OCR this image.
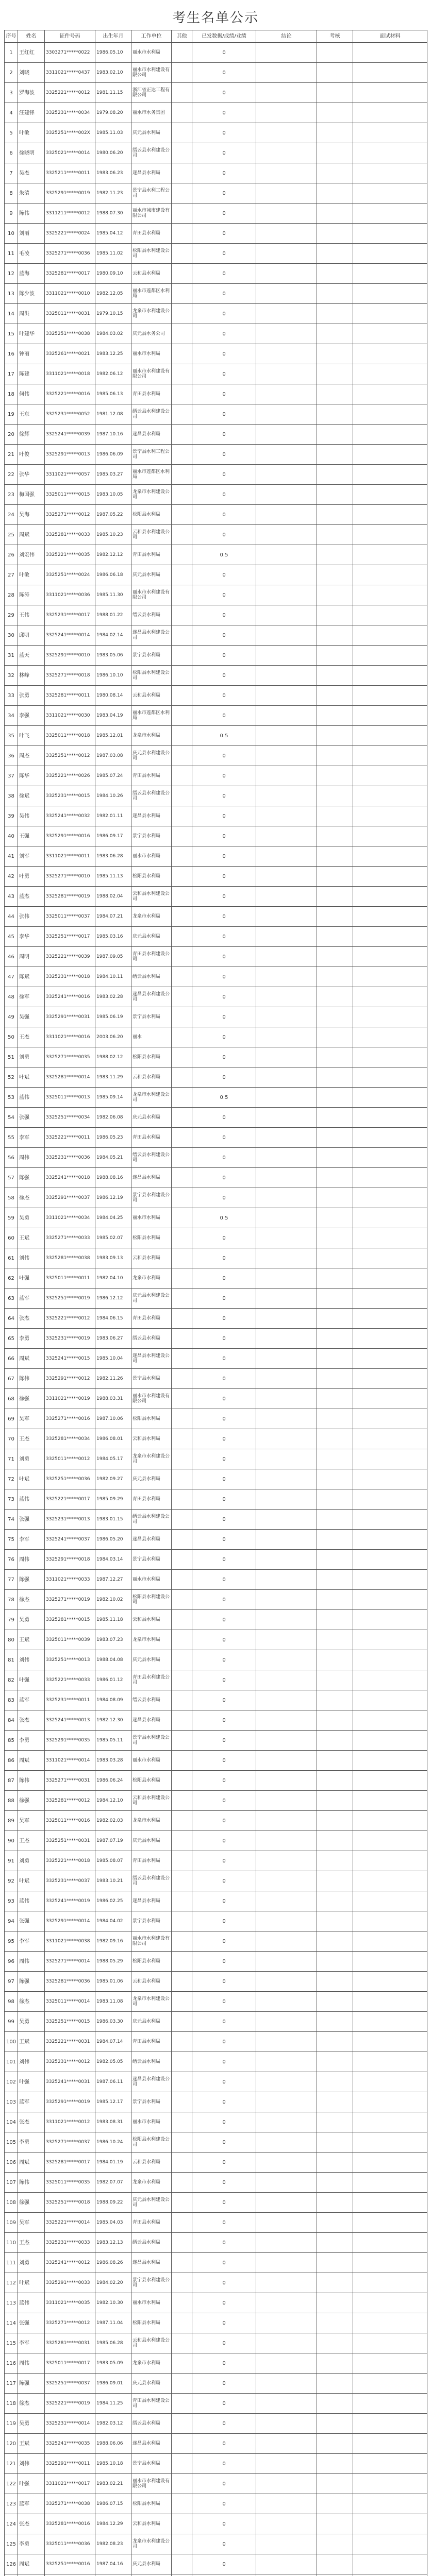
考生名单公示
序号	姓名	证件号码	出生年月	工作单位	其他	已发数据/成绩/业绩	结论	考核	面试材料
1	王红红	3303271*****0022	1986.05.10	丽水市水利局		0			
2	刘晓	3311021*****0437	1983.02.10	丽水市水利建设有限公司		0			
3	罗海波	3325221*****0012	1981.11.15	浙江省正达工程有限公司		0			
4	汪建锋	3325231*****0034	1979.08.20	丽水市水务集团		0			
5	叶敏	3325251*****002X	1985.11.03	庆元县水利局		0			
6	徐晓明	3325021*****0014	1980.06.20	缙云县水利建设公司		0			
7	吴杰	3325211*****0011	1983.06.23	遂昌县水利局		0			
8	朱清	3325291*****0019	1982.11.23	景宁县水利工程公司		0			
9	陈伟	3311211*****0012	1988.07.30	丽水市城市建设有限公司		0			
10	刘丽	3325221*****0024	1985.04.12	青田县水利局		0			
11	毛凌	3325271*****0036	1985.11.02	松阳县水利建设公司		0			
12	蓝海	3325281*****0017	1980.09.10	云和县水利局		0			
13	陈少波	3311021*****0010	1982.12.05	丽水市莲都区水利局		0			
14	周洪	3325011*****0031	1979.10.15	龙泉市水利建设公司		0			
15	叶建华	3325251*****0038	1984.03.02	庆元县水务公司		0			
16	钟丽	3325261*****0021	1983.12.25	丽水市水利局		0			
17	陈建	3311021*****0018	1982.06.12	丽水市水利建设有限公司		0			
18	何伟	3325221*****0016	1985.06.13	青田县水利局		0			
19	王东	3325231*****0052	1981.12.08	缙云县水利建设公司		0			
20	徐辉	3325241*****0039	1987.10.16	遂昌县水利局		0			
21	叶俊	3325291*****0013	1986.06.09	景宁县水利工程公司		0			
22	张华	3311021*****0057	1985.03.27	丽水市莲都区水利局		0			
23	梅国强	3325011*****0015	1983.10.05	龙泉市水利建设公司		0			
24	吴海	3325271*****0012	1987.05.22	松阳县水利局		0			
25	周斌	3325281*****0033	1985.10.23	云和县水利建设公司		0			
26	刘宏伟	3325221*****0035	1982.12.12	青田县水利局		0.5			
27	叶敏	3325251*****0024	1986.06.18	庆元县水利局		0			
28	陈涛	3311021*****0036	1985.11.30	丽水市水利建设有限公司		0			
29	王伟	3325231*****0017	1988.01.22	缙云县水利局		0			
30	邱明	3325241*****0014	1984.02.14	遂昌县水利建设公司		0			
31	蓝天	3325291*****0010	1983.05.06	景宁县水利局		0			
32	林峰	3325271*****0018	1986.10.10	松阳县水利建设公司		0			
33	张勇	3325281*****0011	1980.08.14	云和县水利局		0			
34	李强	3311021*****0030	1983.04.19	丽水市莲都区水利局		0			
35	叶飞	3325011*****0018	1985.12.01	龙泉市水利局		0.5			
36	周杰	3325251*****0012	1987.03.08	庆元县水利建设公司		0			
37	陈华	3325221*****0026	1985.07.24	青田县水利局		0			
38	徐斌	3325231*****0015	1984.10.26	缙云县水利建设公司		0			
39	吴伟	3325241*****0032	1982.01.11	遂昌县水利局		0			
40	王强	3325291*****0016	1986.09.17	景宁县水利局		0			
41	刘军	3311021*****0011	1983.06.28	丽水市水利局		0			
42	叶勇	3325271*****0010	1985.11.13	松阳县水利局		0			
43	蓝杰	3325281*****0019	1988.02.04	云和县水利建设公司		0			
44	张伟	3325011*****0037	1984.07.21	龙泉市水利局		0			
45	李华	3325251*****0017	1985.03.16	庆元县水利局		0			
46	周明	3325221*****0039	1987.09.05	青田县水利建设公司		0			
47	陈斌	3325231*****0018	1984.10.11	缙云县水利局		0			
48	徐军	3325241*****0016	1983.02.28	遂昌县水利建设公司		0			
49	吴强	3325291*****0031	1985.06.19	景宁县水利局		0			
50	王杰	3311021*****0016	2003.06.20	丽水		0			
51	刘勇	3325271*****0035	1988.02.12	松阳县水利局		0			
52	叶斌	3325281*****0014	1983.11.29	云和县水利局		0			
53	蓝伟	3325011*****0013	1985.09.14	龙泉市水利建设公司		0.5			
54	张强	3325251*****0034	1982.06.08	庆元县水利局		0			
55	李军	3325221*****0011	1986.05.23	青田县水利局		0			
56	周伟	3325231*****0036	1984.05.21	缙云县水利建设公司		0			
57	陈强	3325241*****0018	1988.08.16	遂昌县水利局		0			
58	徐杰	3325291*****0037	1986.12.19	景宁县水利建设公司		0			
59	吴勇	3311021*****0034	1984.04.25	丽水市水利局		0.5			
60	王斌	3325271*****0033	1985.02.07	松阳县水利局		0			
61	刘伟	3325281*****0038	1983.09.13	云和县水利局		0			
62	叶强	3325011*****0011	1982.04.10	龙泉市水利局		0			
63	蓝军	3325251*****0019	1986.12.12	庆元县水利建设公司		0			
64	张杰	3325221*****0012	1984.06.15	青田县水利局		0			
65	李勇	3325231*****0019	1983.06.27	缙云县水利局		0			
66	周斌	3325241*****0015	1985.10.04	遂昌县水利建设公司		0			
67	陈伟	3325291*****0012	1982.11.26	景宁县水利局		0			
68	徐强	3311021*****0019	1988.03.31	丽水市水利建设有限公司		0			
69	吴军	3325271*****0016	1987.10.06	松阳县水利局		0			
70	王杰	3325281*****0034	1986.08.01	云和县水利局		0			
71	刘勇	3325011*****0012	1984.05.17	龙泉市水利建设公司		0			
72	叶斌	3325251*****0036	1982.09.27	庆元县水利局		0			
73	蓝伟	3325221*****0017	1985.09.29	青田县水利局		0			
74	张强	3325231*****0013	1983.01.15	缙云县水利建设公司		0			
75	李军	3325241*****0037	1986.05.20	遂昌县水利局		0			
76	周伟	3325291*****0018	1984.03.14	景宁县水利局		0			
77	陈强	3311021*****0033	1987.12.27	丽水市水利局		0			
78	徐杰	3325271*****0019	1982.10.02	松阳县水利建设公司		0			
79	吴勇	3325281*****0015	1985.11.18	云和县水利局		0			
80	王斌	3325011*****0039	1983.07.23	龙泉市水利局		0			
81	刘伟	3325251*****0013	1988.04.08	庆元县水利局		0			
82	叶强	3325221*****0033	1986.01.12	青田县水利建设公司		0			
83	蓝军	3325231*****0011	1984.08.09	缙云县水利局		0			
84	张杰	3325241*****0013	1982.12.30	遂昌县水利局		0			
85	李勇	3325291*****0035	1985.05.11	景宁县水利建设公司		0			
86	周斌	3311021*****0014	1983.03.28	丽水市水利局		0			
87	陈伟	3325271*****0031	1986.06.24	松阳县水利局		0			
88	徐强	3325281*****0012	1984.12.10	云和县水利建设公司		0			
89	吴军	3325011*****0016	1982.02.03	龙泉市水利局		0			
90	王杰	3325251*****0031	1987.07.19	庆元县水利局		0			
91	刘勇	3325221*****0018	1985.08.07	青田县水利局		0			
92	叶斌	3325231*****0037	1983.10.21	缙云县水利建设公司		0			
93	蓝伟	3325241*****0019	1986.02.25	遂昌县水利局		0			
94	张强	3325291*****0014	1984.04.02	景宁县水利局		0			
95	李军	3311021*****0038	1982.09.16	丽水市水利建设有限公司		0			
96	周伟	3325271*****0014	1988.05.29	松阳县水利局		0			
97	陈强	3325281*****0036	1985.01.06	云和县水利局		0			
98	徐杰	3325011*****0014	1983.11.08	龙泉市水利建设公司		0			
99	吴勇	3325251*****0015	1986.03.30	庆元县水利局		0			
100	王斌	3325221*****0031	1984.07.14	青田县水利局		0			
101	刘伟	3325231*****0012	1982.05.05	缙云县水利局		0			
102	叶强	3325241*****0031	1987.06.11	遂昌县水利建设公司		0			
103	蓝军	3325291*****0019	1985.12.17	景宁县水利局		0			
104	张杰	3311021*****0012	1983.08.31	丽水市水利局		0			
105	李勇	3325271*****0037	1986.10.24	松阳县水利建设公司		0			
106	周斌	3325281*****0017	1984.01.19	云和县水利局		0			
107	陈伟	3325011*****0035	1982.07.07	龙泉市水利局		0			
108	徐强	3325251*****0018	1988.09.22	庆元县水利建设公司		0			
109	吴军	3325221*****0014	1985.04.03	青田县水利局		0			
110	王杰	3325231*****0033	1983.12.13	缙云县水利局		0			
111	刘勇	3325241*****0012	1986.08.26	遂昌县水利局		0			
112	叶斌	3325291*****0033	1984.02.20	景宁县水利建设公司		0			
113	蓝伟	3311021*****0035	1982.10.30	丽水市水利局		0			
114	张强	3325271*****0012	1987.11.04	松阳县水利局		0			
115	李军	3325281*****0031	1985.06.28	云和县水利建设公司		0			
116	周伟	3325011*****0017	1983.05.09	龙泉市水利局		0			
117	陈强	3325251*****0037	1986.09.01	庆元县水利局		0			
118	徐杰	3325221*****0019	1984.11.25	青田县水利建设公司		0			
119	吴勇	3325231*****0014	1982.03.12	缙云县水利局		0			
120	王斌	3325241*****0035	1988.06.06	遂昌县水利局		0			
121	刘伟	3325291*****0011	1985.10.18	景宁县水利局		0			
122	叶强	3311021*****0017	1983.02.21	丽水市水利建设有限公司		0			
123	蓝军	3325271*****0038	1986.07.15	松阳县水利局		0			
124	张杰	3325281*****0016	1984.12.29	云和县水利局		0			
125	李勇	3325011*****0036	1982.08.23	龙泉市水利建设公司		0			
126	周斌	3325251*****0016	1987.04.16	庆元县水利局		0			
